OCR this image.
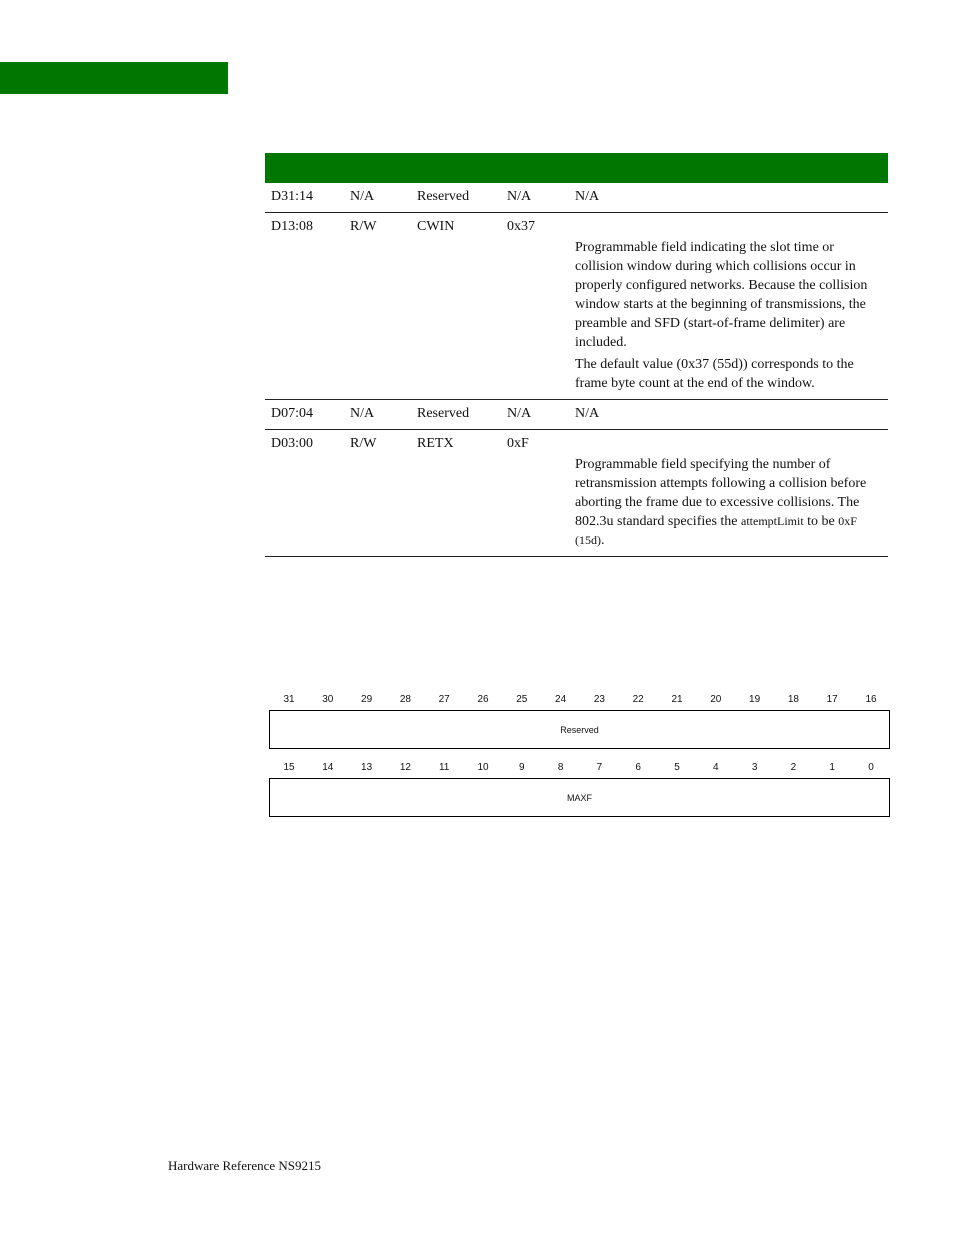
D31:14	N/A	Reserved	N/A	N/A
D13:08	R/W	CWIN	0x37	Programmable field indicating the slot time or collision window during which collisions occur in properly configured networks. Because the collision window starts at the beginning of transmissions, the preamble and SFD (start-of-frame delimiter) are included.

The default value (0x37 (55d)) corresponds to the frame byte count at the end of the window.

D07:04	N/A	Reserved	N/A	N/A
D03:00	R/W	RETX	0xF	Programmable field specifying the number of retransmission attempts following a collision before aborting the frame due to excessive collisions. The 802.3u standard specifies the attemptLimit to be 0xF (15d).

31	30	29	28	27	26	25	24	23	22	21	20	19	18	17	16
Reserved
15	14	13	12	11	10	9	8	7	6	5	4	3	2	1	0
MAXF
Hardware Reference NS9215
